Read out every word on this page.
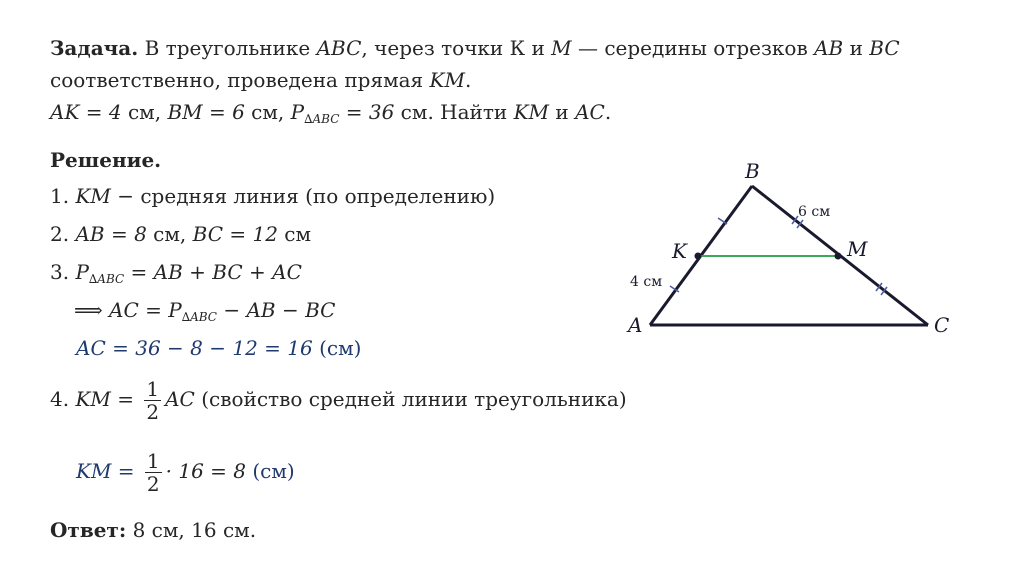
Задача. В треугольнике ABC, через точки К и M — середины отрезков AB и BC
соответственно, проведена прямая KM.
AK = 4 см, BM = 6 см, $P_{\Delta ABC} = 36$ см. Найти KM и AC.
Решение.
1. KM − средняя линия (по определению)
2. AB = 8 см, BC = 12 см
3. $P_{\Delta ABC}$ = AB + BC + AC
⟹ AC = $P_{\Delta ABC}$ − AB − BC
AC = 36 − 8 − 12 = 16 (см)
4. KM = $\frac{1}{2}$ AC (свойство средней линии треугольника)
KM = $\frac{1}{2} \cdot 16 = 8$ (см)
Ответ: 8 см, 16 см.
A
B
C
K	M
4 см
6 см
